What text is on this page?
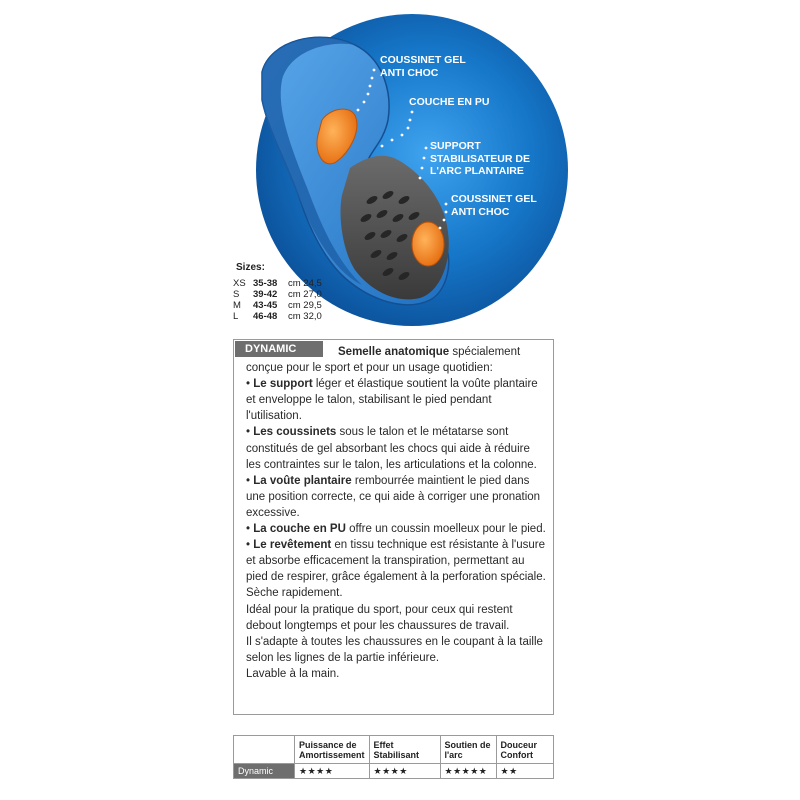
COUSSINET GEL
ANTI CHOC
COUCHE EN PU
SUPPORT
STABILISATEUR DE
L'ARC PLANTAIRE
COUSSINET GEL
ANTI CHOC
Sizes:
XS 35-38	cm 24,5
S	39-42	cm 27,0
M	43-45	cm 29,5
L	46-48	cm 32,0
DYNAMIC	Semelle anatomique spécialement conçue pour le sport et pour un usage quotidien:

• Le support léger et élastique soutient la voûte plantaire et enveloppe le talon, stabilisant le pied pendant l'utilisation.

• Les coussinets sous le talon et le métatarse sont constitués de gel absorbant les chocs qui aide à réduire les contraintes sur le talon, les articulations et la colonne.

• La voûte plantaire rembourrée maintient le pied dans une position correcte, ce qui aide à corriger une pronation excessive.

• La couche en PU offre un coussin moelleux pour le pied.

• Le revêtement en tissu technique est résistante à l'usure et absorbe efficacement la transpiration, permettant au pied de respirer, grâce également à la perforation spéciale. Sèche rapidement.

Idéal pour la pratique du sport, pour ceux qui restent debout longtemps et pour les chaussures de travail.

Il s'adapte à toutes les chaussures en le coupant à la taille selon les lignes de la partie inférieure.

Lavable à la main.

	Puissance de Amortissement	Effet Stabilisant	Soutien de l'arc	Douceur Confort
Dynamic	★★★★	★★★★	★★★★★	★★
